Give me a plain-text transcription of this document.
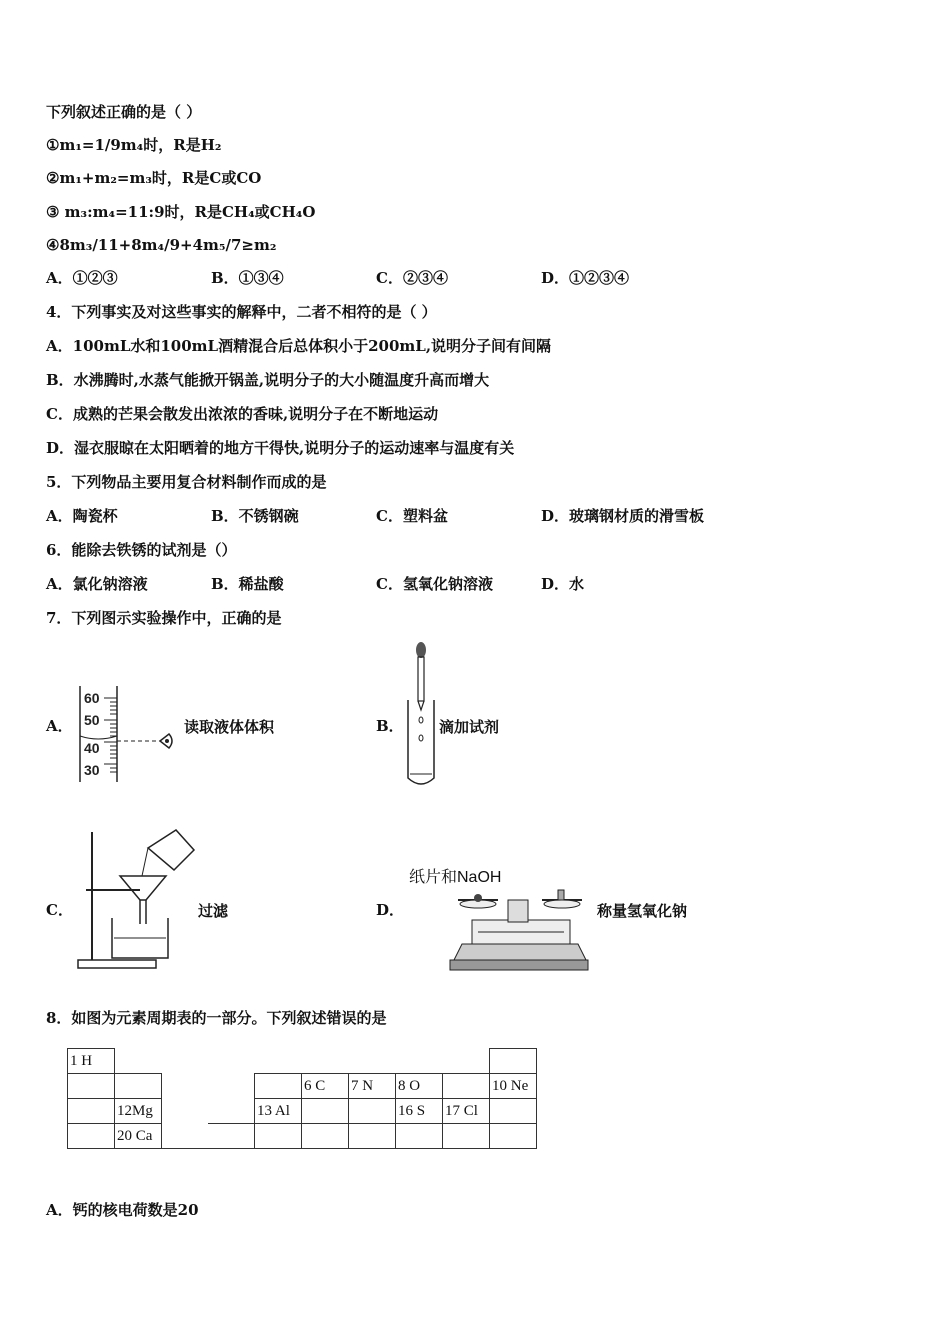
下列叙述正确的是（ ）
①m₁=1/9m₄时，R是H₂
②m₁+m₂=m₃时，R是C或CO
③ m₃:m₄=11:9时，R是CH₄或CH₄O
④8m₃/11+8m₄/9+4m₅/7≥m₂
A．①②③	B．①③④	C．②③④	D．①②③④
4．下列事实及对这些事实的解释中，二者不相符的是（ ）
A．100mL水和100mL酒精混合后总体积小于200mL,说明分子间有间隔
B．水沸腾时,水蒸气能掀开锅盖,说明分子的大小随温度升高而增大
C．成熟的芒果会散发出浓浓的香味,说明分子在不断地运动
D．湿衣服晾在太阳晒着的地方干得快,说明分子的运动速率与温度有关
5．下列物品主要用复合材料制作而成的是
A．陶瓷杯	B．不锈钢碗	C．塑料盆	D．玻璃钢材质的滑雪板
6．能除去铁锈的试剂是（）
A．氯化钠溶液	B．稀盐酸	C．氢氧化钠溶液	D．水
7．下列图示实验操作中，正确的是
A．
60
50
40
30
读取液体体积	B． 滴加试剂
C．	过滤	D．
纸片和NaOH
称量氢氧化钠
8．如图为元素周期表的一部分。下列叙述错误的是
1 H									
					6 C	7 N	8 O		10 Ne
	12Mg			13 Al			16 S	17 Cl	
	20 Ca								
A．钙的核电荷数是20
